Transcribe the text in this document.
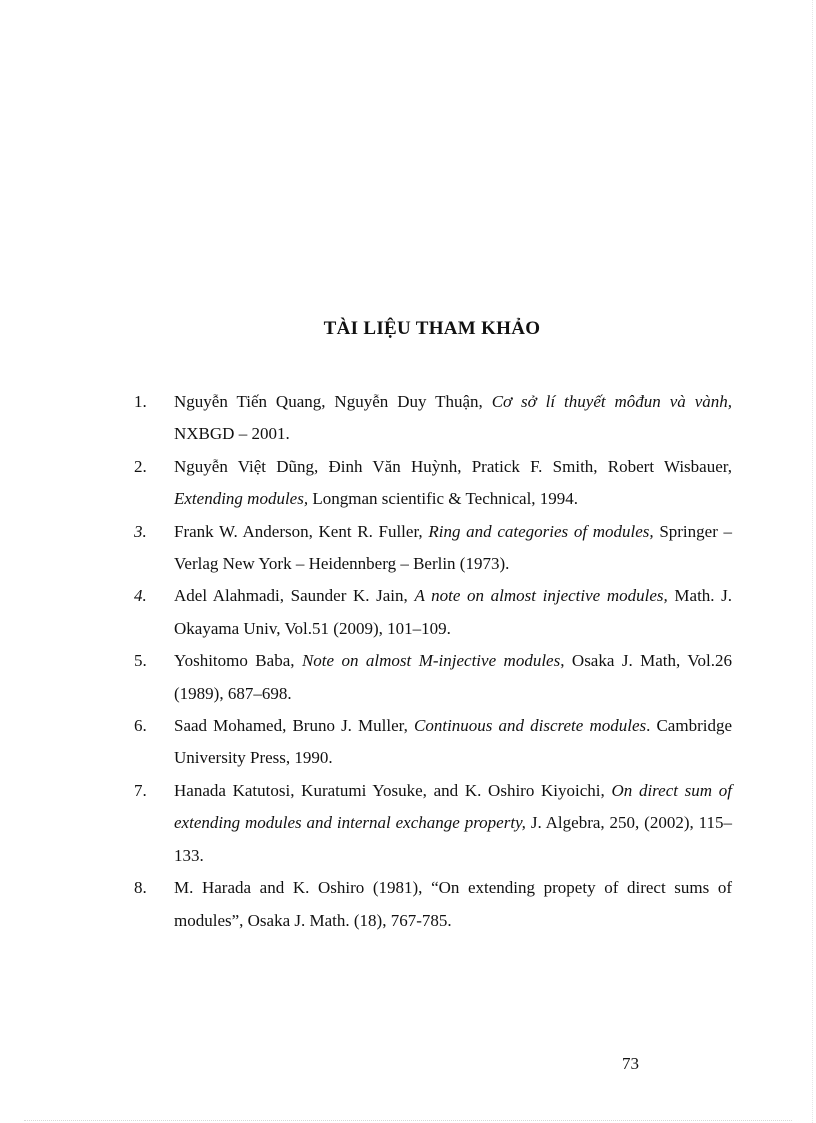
TÀI LIỆU THAM KHẢO
1.	Nguyễn Tiến Quang, Nguyễn Duy Thuận, Cơ sở lí thuyết môđun và vành, NXBGD – 2001.
2.	Nguyễn Việt Dũng, Đinh Văn Huỳnh, Pratick F. Smith, Robert Wisbauer, Extending modules, Longman scientific & Technical, 1994.
3.	Frank W. Anderson, Kent R. Fuller, Ring and categories of modules, Springer – Verlag New York – Heidennberg – Berlin (1973).
4.	Adel Alahmadi, Saunder K. Jain, A note on almost injective modules, Math. J. Okayama Univ, Vol.51 (2009), 101–109.
5.	Yoshitomo Baba, Note on almost M-injective modules, Osaka J. Math, Vol.26 (1989), 687–698.
6.	Saad Mohamed, Bruno J. Muller, Continuous and discrete modules. Cambridge University Press, 1990.
7.	Hanada Katutosi, Kuratumi Yosuke, and K. Oshiro Kiyoichi, On direct sum of extending modules and internal exchange property, J. Algebra, 250, (2002), 115–133.
8.	M. Harada and K. Oshiro (1981), “On extending propety of direct sums of modules”, Osaka J. Math. (18), 767-785.
73
